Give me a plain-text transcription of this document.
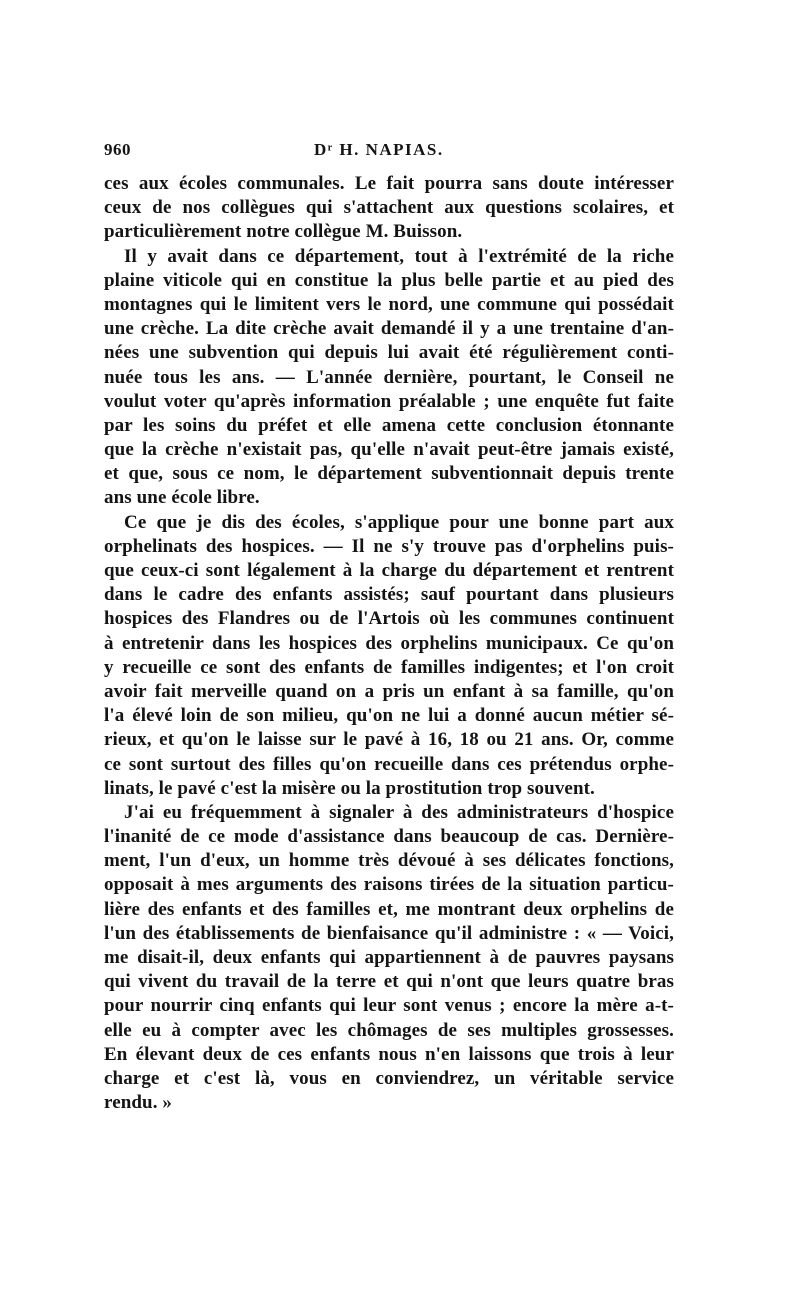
960	Dʳ H. NAPIAS.
ces aux écoles communales. Le fait pourra sans doute intéresser
ceux de nos collègues qui s'attachent aux questions scolaires, et
particulièrement notre collègue M. Buisson.
Il y avait dans ce département, tout à l'extrémité de la riche
plaine viticole qui en constitue la plus belle partie et au pied des
montagnes qui le limitent vers le nord, une commune qui possédait
une crèche. La dite crèche avait demandé il y a une trentaine d'an-
nées une subvention qui depuis lui avait été régulièrement conti-
nuée tous les ans. — L'année dernière, pourtant, le Conseil ne
voulut voter qu'après information préalable ; une enquête fut faite
par les soins du préfet et elle amena cette conclusion étonnante
que la crèche n'existait pas, qu'elle n'avait peut-être jamais existé,
et que, sous ce nom, le département subventionnait depuis trente
ans une école libre.
Ce que je dis des écoles, s'applique pour une bonne part aux
orphelinats des hospices. — Il ne s'y trouve pas d'orphelins puis-
que ceux-ci sont légalement à la charge du département et rentrent
dans le cadre des enfants assistés; sauf pourtant dans plusieurs
hospices des Flandres ou de l'Artois où les communes continuent
à entretenir dans les hospices des orphelins municipaux. Ce qu'on
y recueille ce sont des enfants de familles indigentes; et l'on croit
avoir fait merveille quand on a pris un enfant à sa famille, qu'on
l'a élevé loin de son milieu, qu'on ne lui a donné aucun métier sé-
rieux, et qu'on le laisse sur le pavé à 16, 18 ou 21 ans. Or, comme
ce sont surtout des filles qu'on recueille dans ces prétendus orphe-
linats, le pavé c'est la misère ou la prostitution trop souvent.
J'ai eu fréquemment à signaler à des administrateurs d'hospice
l'inanité de ce mode d'assistance dans beaucoup de cas. Dernière-
ment, l'un d'eux, un homme très dévoué à ses délicates fonctions,
opposait à mes arguments des raisons tirées de la situation particu-
lière des enfants et des familles et, me montrant deux orphelins de
l'un des établissements de bienfaisance qu'il administre : « — Voici,
me disait-il, deux enfants qui appartiennent à de pauvres paysans
qui vivent du travail de la terre et qui n'ont que leurs quatre bras
pour nourrir cinq enfants qui leur sont venus ; encore la mère a-t-
elle eu à compter avec les chômages de ses multiples grossesses.
En élevant deux de ces enfants nous n'en laissons que trois à leur
charge et c'est là, vous en conviendrez, un véritable service
rendu. »
